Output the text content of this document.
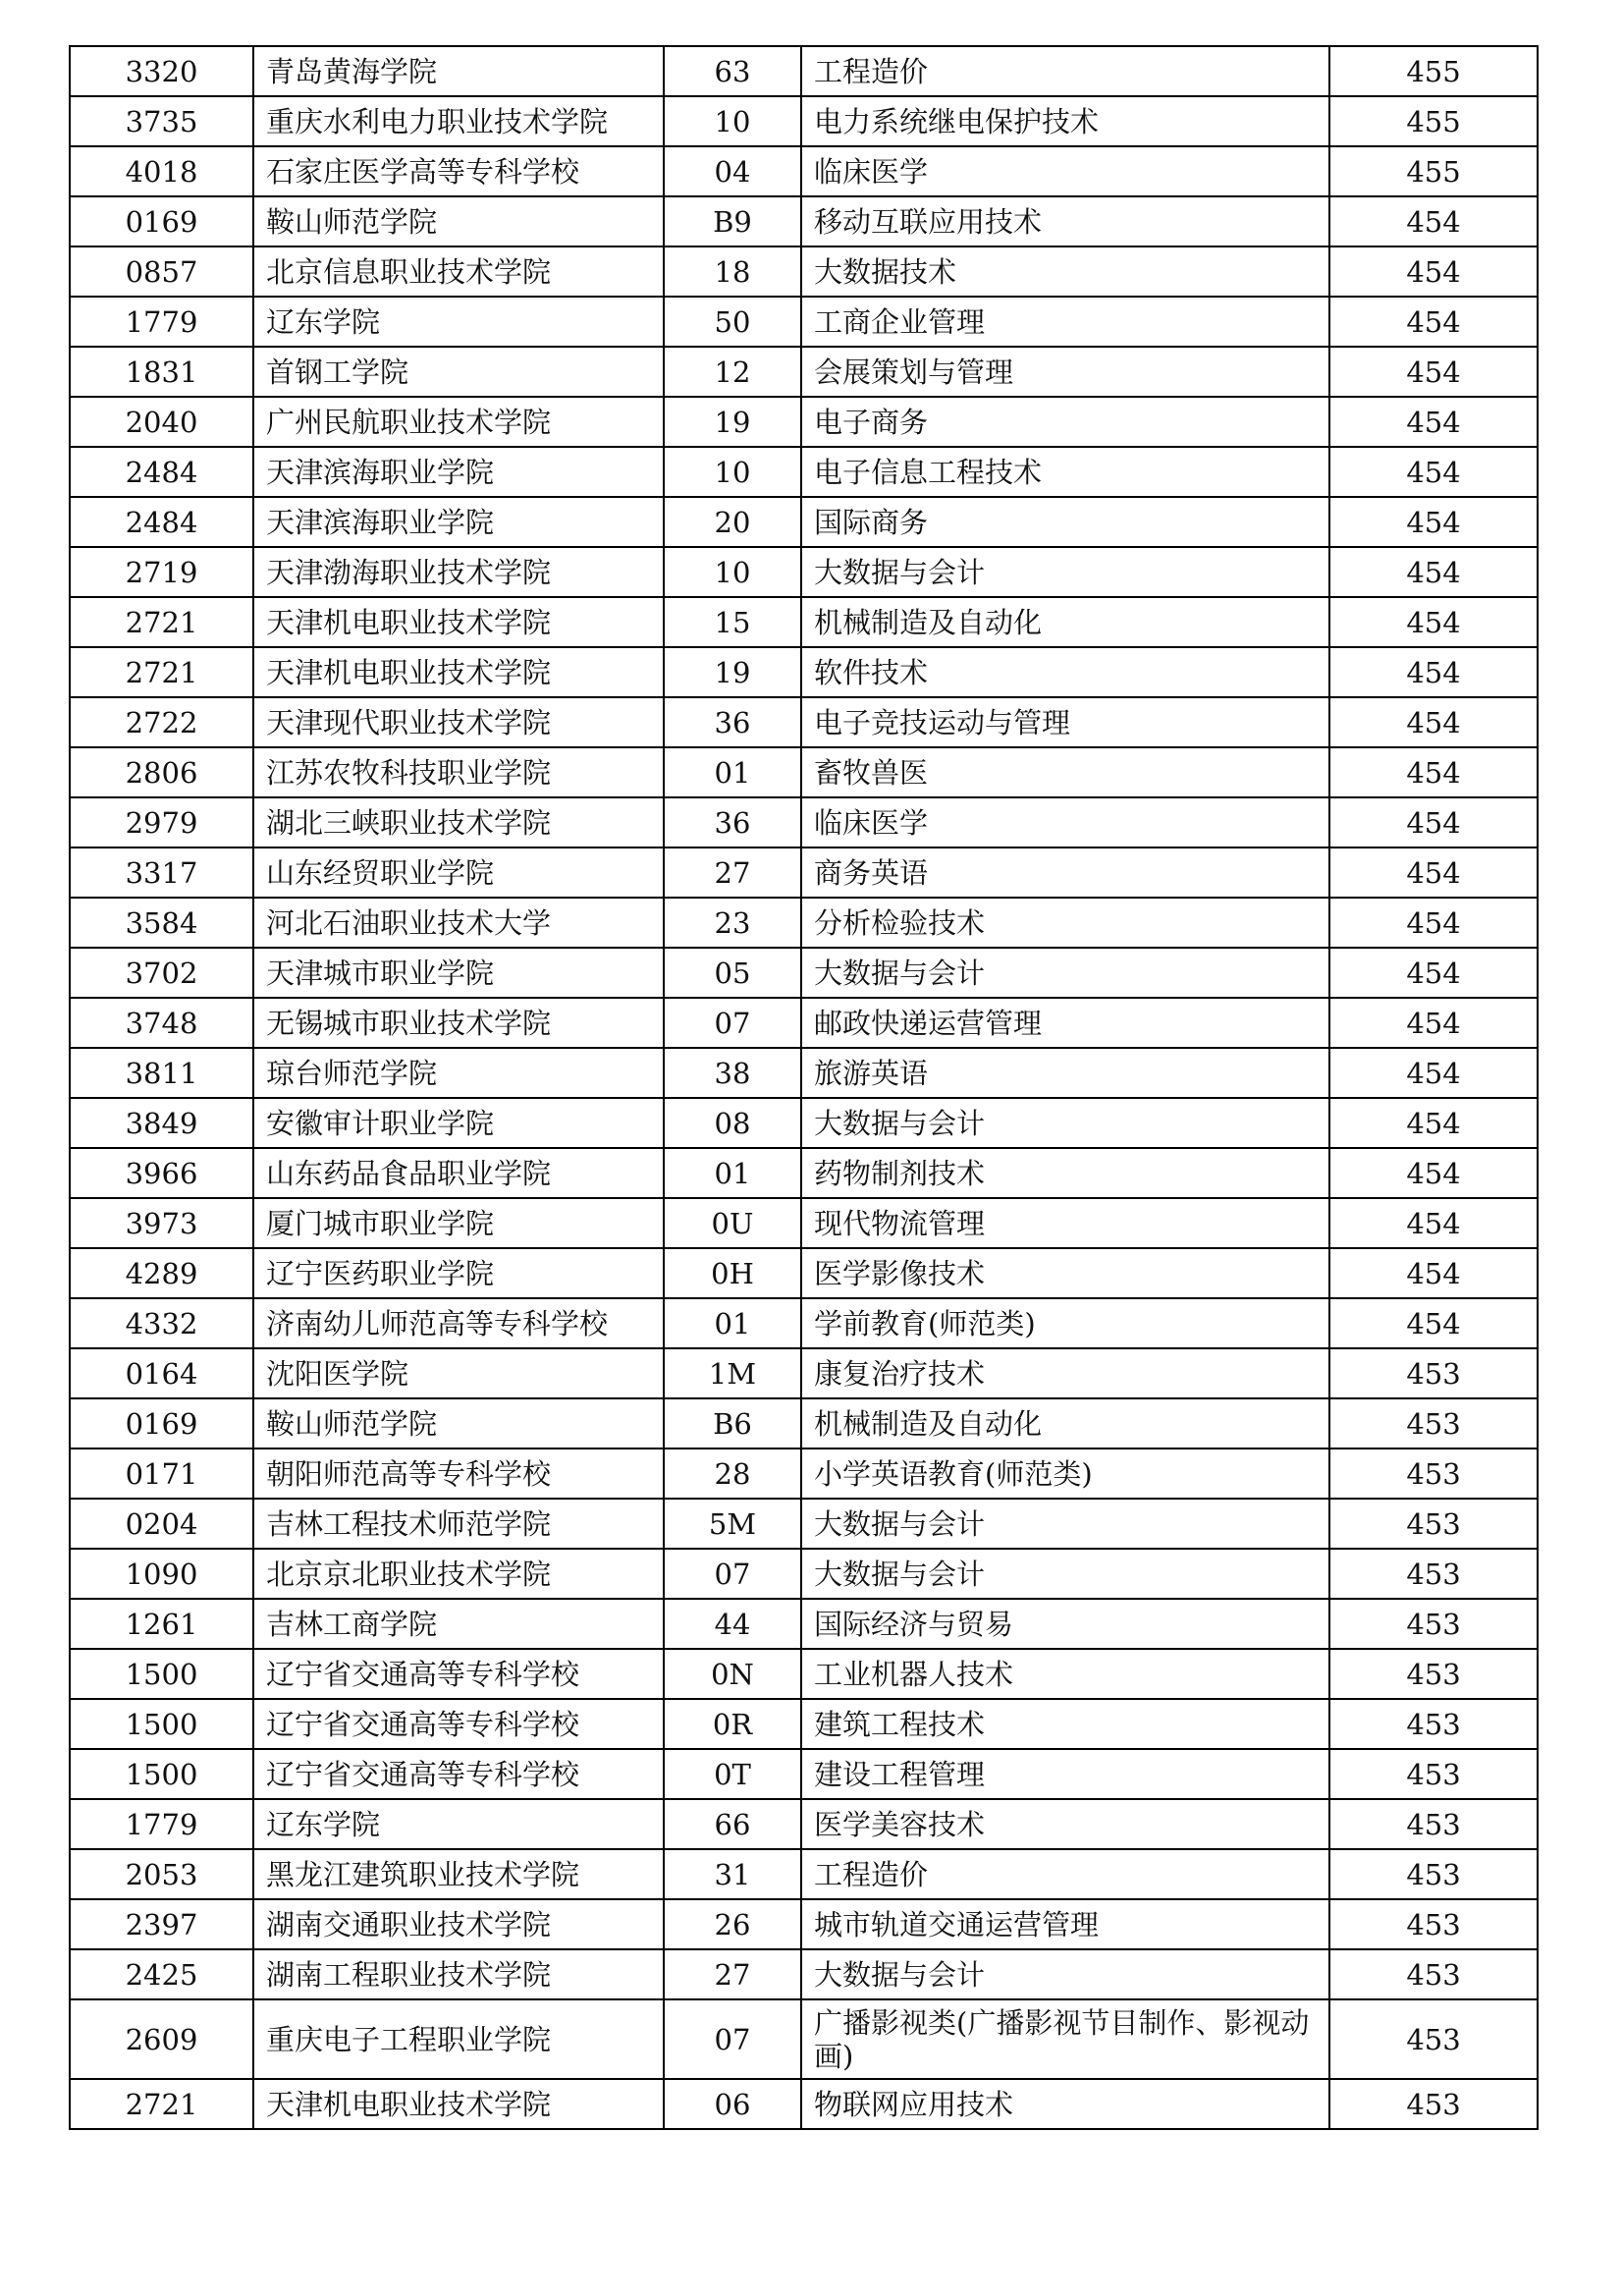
3320	青岛黄海学院	63	工程造价	455
3735	重庆水利电力职业技术学院	10	电力系统继电保护技术	455
4018	石家庄医学高等专科学校	04	临床医学	455
0169	鞍山师范学院	B9	移动互联应用技术	454
0857	北京信息职业技术学院	18	大数据技术	454
1779	辽东学院	50	工商企业管理	454
1831	首钢工学院	12	会展策划与管理	454
2040	广州民航职业技术学院	19	电子商务	454
2484	天津滨海职业学院	10	电子信息工程技术	454
2484	天津滨海职业学院	20	国际商务	454
2719	天津渤海职业技术学院	10	大数据与会计	454
2721	天津机电职业技术学院	15	机械制造及自动化	454
2721	天津机电职业技术学院	19	软件技术	454
2722	天津现代职业技术学院	36	电子竞技运动与管理	454
2806	江苏农牧科技职业学院	01	畜牧兽医	454
2979	湖北三峡职业技术学院	36	临床医学	454
3317	山东经贸职业学院	27	商务英语	454
3584	河北石油职业技术大学	23	分析检验技术	454
3702	天津城市职业学院	05	大数据与会计	454
3748	无锡城市职业技术学院	07	邮政快递运营管理	454
3811	琼台师范学院	38	旅游英语	454
3849	安徽审计职业学院	08	大数据与会计	454
3966	山东药品食品职业学院	01	药物制剂技术	454
3973	厦门城市职业学院	0U	现代物流管理	454
4289	辽宁医药职业学院	0H	医学影像技术	454
4332	济南幼儿师范高等专科学校	01	学前教育(师范类)	454
0164	沈阳医学院	1M	康复治疗技术	453
0169	鞍山师范学院	B6	机械制造及自动化	453
0171	朝阳师范高等专科学校	28	小学英语教育(师范类)	453
0204	吉林工程技术师范学院	5M	大数据与会计	453
1090	北京京北职业技术学院	07	大数据与会计	453
1261	吉林工商学院	44	国际经济与贸易	453
1500	辽宁省交通高等专科学校	0N	工业机器人技术	453
1500	辽宁省交通高等专科学校	0R	建筑工程技术	453
1500	辽宁省交通高等专科学校	0T	建设工程管理	453
1779	辽东学院	66	医学美容技术	453
2053	黑龙江建筑职业技术学院	31	工程造价	453
2397	湖南交通职业技术学院	26	城市轨道交通运营管理	453
2425	湖南工程职业技术学院	27	大数据与会计	453
2609	重庆电子工程职业学院	07	广播影视类(广播影视节目制作、影视动画)	453
2721	天津机电职业技术学院	06	物联网应用技术	453
